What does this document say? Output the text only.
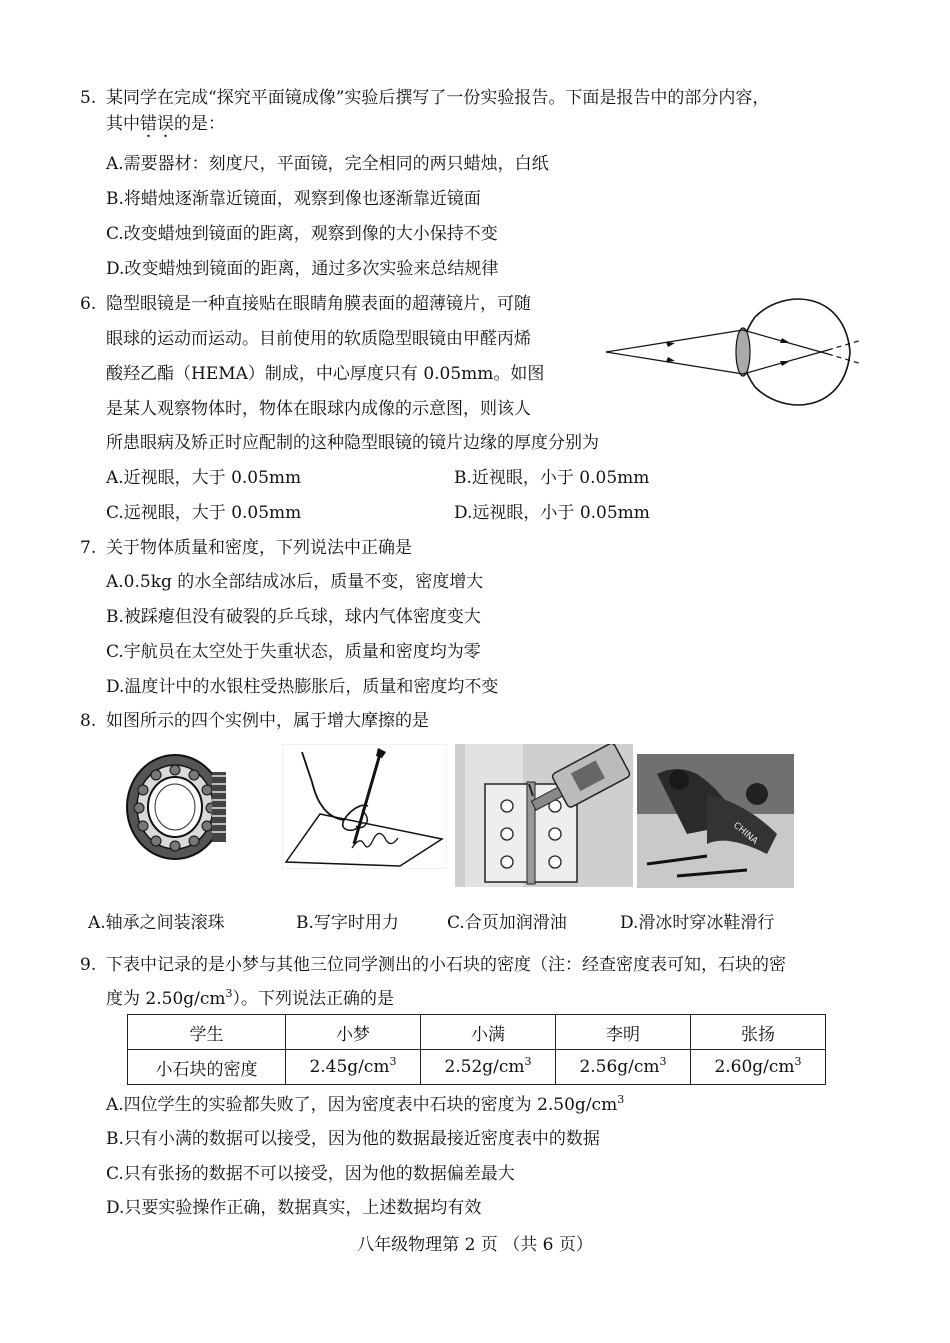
5. 某同学在完成“探究平面镜成像”实验后撰写了一份实验报告。下面是报告中的部分内容，
其中错误的是：
A.需要器材：刻度尺，平面镜，完全相同的两只蜡烛，白纸
B.将蜡烛逐渐靠近镜面，观察到像也逐渐靠近镜面
C.改变蜡烛到镜面的距离，观察到像的大小保持不变
D.改变蜡烛到镜面的距离，通过多次实验来总结规律
6. 隐型眼镜是一种直接贴在眼睛角膜表面的超薄镜片，可随
眼球的运动而运动。目前使用的软质隐型眼镜由甲醛丙烯
酸羟乙酯（HEMA）制成，中心厚度只有 0.05mm。如图
是某人观察物体时，物体在眼球内成像的示意图，则该人
所患眼病及矫正时应配制的这种隐型眼镜的镜片边缘的厚度分别为
A.近视眼，大于 0.05mm	B.近视眼，小于 0.05mm
C.远视眼，大于 0.05mm	D.远视眼，小于 0.05mm
7. 关于物体质量和密度，下列说法中正确是
A.0.5kg 的水全部结成冰后，质量不变，密度增大
B.被踩瘪但没有破裂的乒乓球，球内气体密度变大
C.宇航员在太空处于失重状态，质量和密度均为零
D.温度计中的水银柱受热膨胀后，质量和密度均不变
8. 如图所示的四个实例中，属于增大摩擦的是
CHINA
A.轴承之间装滚珠	B.写字时用力	C.合页加润滑油	D.滑冰时穿冰鞋滑行
9. 下表中记录的是小梦与其他三位同学测出的小石块的密度（注：经查密度表可知，石块的密
度为 $2.50g/cm^3$）。下列说法正确的是
学生	小梦	小满	李明	张扬
小石块的密度	$2.45g/cm^3$	$2.52g/cm^3$	$2.56g/cm^3$	$2.60g/cm^3$
A.四位学生的实验都失败了，因为密度表中石块的密度为 $2.50g/cm^3$
B.只有小满的数据可以接受，因为他的数据最接近密度表中的数据
C.只有张扬的数据不可以接受，因为他的数据偏差最大
D.只要实验操作正确，数据真实，上述数据均有效
八年级物理第 2 页 （共 6 页）
